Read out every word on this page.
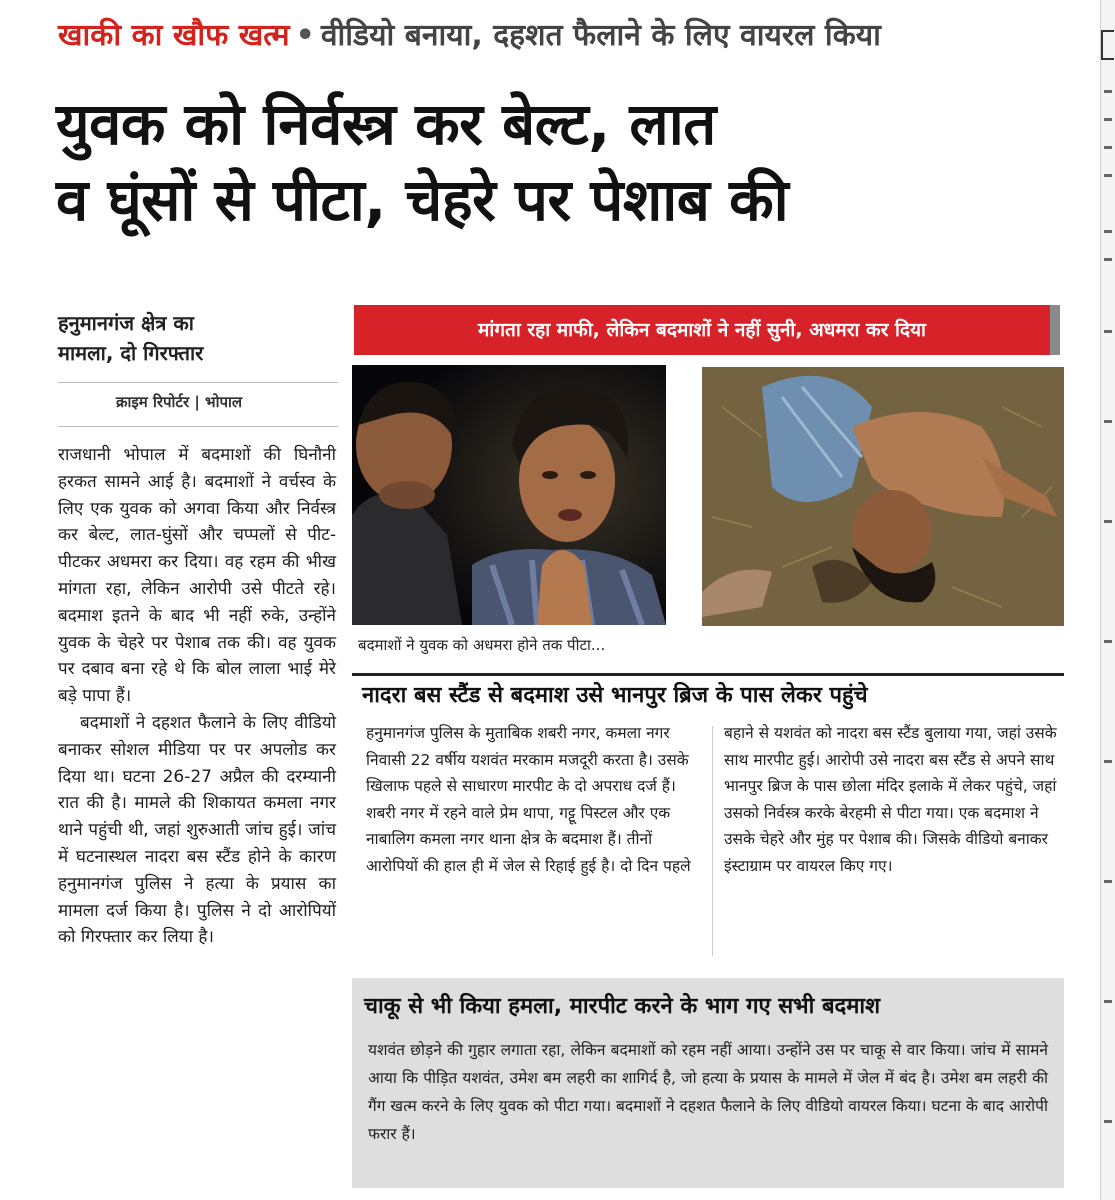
खाकी का खौफ खत्म • वीडियो बनाया, दहशत फैलाने के लिए वायरल किया
युवक को निर्वस्त्र कर बेल्ट, लात
व घूंसों से पीटा, चेहरे पर पेशाब की
हनुमानगंज क्षेत्र का
मामला, दो गिरफ्तार
क्राइम रिपोर्टर | भोपाल

राजधानी भोपाल में बदमाशों की घिनौनी हरकत सामने आई है। बदमाशों ने वर्चस्व के लिए एक युवक को अगवा किया और निर्वस्त्र कर बेल्ट, लात-घुंसों और चप्पलों से पीट-पीटकर अधमरा कर दिया। वह रहम की भीख मांगता रहा, लेकिन आरोपी उसे पीटते रहे। बदमाश इतने के बाद भी नहीं रुके, उन्होंने युवक के चेहरे पर पेशाब तक की। वह युवक पर दबाव बना रहे थे कि बोल लाला भाई मेरे बड़े पापा हैं।

बदमाशों ने दहशत फैलाने के लिए वीडियो बनाकर सोशल मीडिया पर पर अपलोड कर दिया था। घटना 26-27 अप्रैल की दरम्यानी रात की है। मामले की शिकायत कमला नगर थाने पहुंची थी, जहां शुरुआती जांच हुई। जांच में घटनास्थल नादरा बस स्टैंड होने के कारण हनुमानगंज पुलिस ने हत्या के प्रयास का मामला दर्ज किया है। पुलिस ने दो आरोपियों को गिरफ्तार कर लिया है।

मांगता रहा माफी, लेकिन बदमाशों ने नहीं सुनी, अधमरा कर दिया
बदमाशों ने युवक को अधमरा होने तक पीटा...
नादरा बस स्टैंड से बदमाश उसे भानपुर ब्रिज के पास लेकर पहुंचे
हनुमानगंज पुलिस के मुताबिक शबरी नगर, कमला नगर निवासी 22 वर्षीय यशवंत मरकाम मजदूरी करता है। उसके खिलाफ पहले से साधारण मारपीट के दो अपराध दर्ज हैं। शबरी नगर में रहने वाले प्रेम थापा, गट्टू पिस्टल और एक नाबालिग कमला नगर थाना क्षेत्र के बदमाश हैं। तीनों आरोपियों की हाल ही में जेल से रिहाई हुई है। दो दिन पहले
बहाने से यशवंत को नादरा बस स्टैंड बुलाया गया, जहां उसके साथ मारपीट हुई। आरोपी उसे नादरा बस स्टैंड से अपने साथ भानपुर ब्रिज के पास छोला मंदिर इलाके में लेकर पहुंचे, जहां उसको निर्वस्त्र करके बेरहमी से पीटा गया। एक बदमाश ने उसके चेहरे और मुंह पर पेशाब की। जिसके वीडियो बनाकर इंस्टाग्राम पर वायरल किए गए।
चाकू से भी किया हमला, मारपीट करने के भाग गए सभी बदमाश
यशवंत छोड़ने की गुहार लगाता रहा, लेकिन बदमाशों को रहम नहीं आया। उन्होंने उस पर चाकू से वार किया। जांच में सामने आया कि पीड़ित यशवंत, उमेश बम लहरी का शागिर्द है, जो हत्या के प्रयास के मामले में जेल में बंद है। उमेश बम लहरी की गैंग खत्म करने के लिए युवक को पीटा गया। बदमाशों ने दहशत फैलाने के लिए वीडियो वायरल किया। घटना के बाद आरोपी फरार हैं।
